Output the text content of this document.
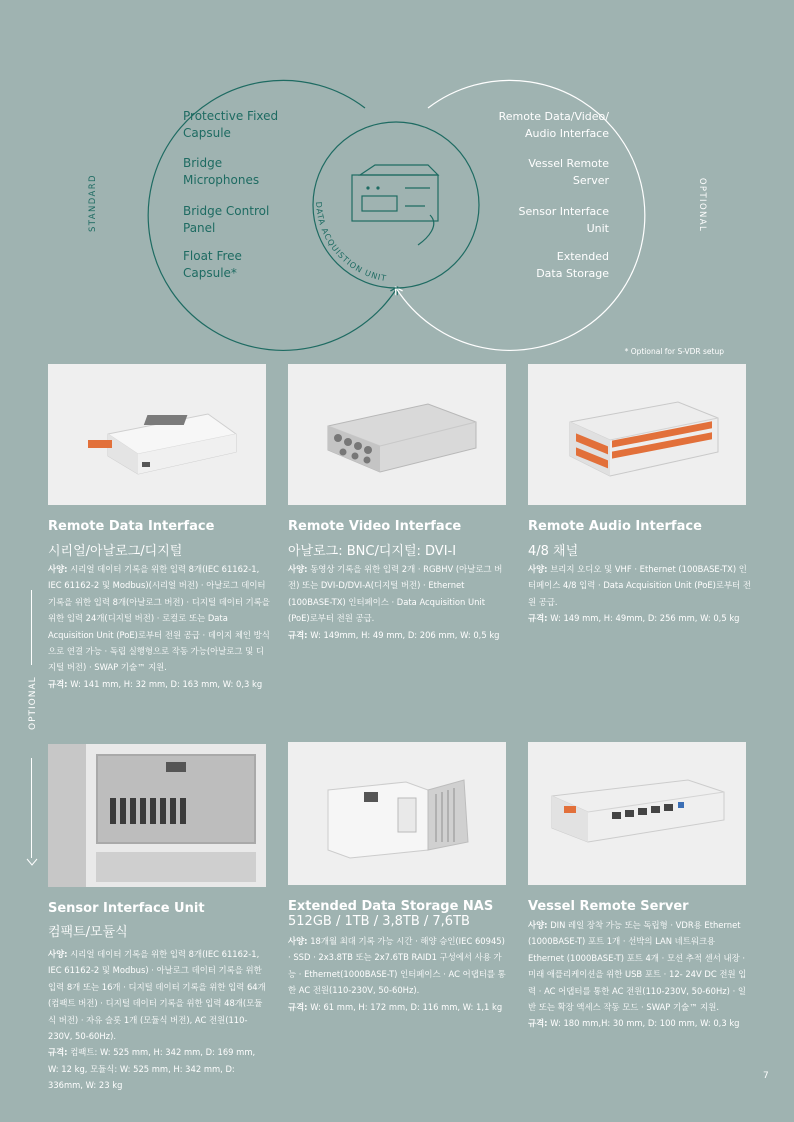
STANDARD	OPTIONAL
DATA ACQUISTION UNIT
* Optional for S-VDR setup
Protective Fixed
Capsule
Bridge
Microphones
Bridge Control
Panel
Float Free
Capsule*
Remote Data/Video/
Audio Interface
Vessel Remote
Server
Sensor Interface
Unit
Extended
Data Storage
OPTIONAL
Remote Data Interface
시리얼/아날로그/디지털

사양: 시리얼 데이터 기록을 위한 입력 8개(IEC 61162-1, IEC 61162-2 및 Modbus)(시리얼 버전) · 아날로그 데이터 기록을 위한 입력 8개(아날로그 버전) · 디지털 데이터 기록을 위한 입력 24개(디지털 버전) · 로컬로 또는 Data Acquisition Unit (PoE)로부터 전원 공급 · 데이지 체인 방식으로 연결 가능 · 독립 실행형으로 작동 가능(아날로그 및 디지털 버전) · SWAP 기술™ 지원.

규격: W: 141 mm, H: 32 mm, D: 163 mm, W: 0,3 kg

Remote Video Interface
아날로그: BNC/디지털: DVI-I

사양: 동영상 기록을 위한 입력 2개 · RGBHV (아날로그 버전) 또는 DVI-D/DVI-A(디지털 버전) · Ethernet (100BASE-TX) 인터페이스 · Data Acquisition Unit (PoE)로부터 전원 공급.

규격: W: 149mm, H: 49 mm, D: 206 mm, W: 0,5 kg

Remote Audio Interface
4/8 채널

사양: 브리지 오디오 및 VHF · Ethernet (100BASE-TX) 인터페이스 4/8 입력 · Data Acquisition Unit (PoE)로부터 전원 공급.

규격: W: 149 mm, H: 49mm, D: 256 mm, W: 0,5 kg

Sensor Interface Unit
컴팩트/모듈식

사양: 시리얼 데이터 기록을 위한 입력 8개(IEC 61162-1, IEC 61162-2 및 Modbus) · 아날로그 데이터 기록을 위한 입력 8개 또는 16개 · 디지털 데이터 기록을 위한 입력 64개(컴팩트 버전) · 디지털 데이터 기록을 위한 입력 48개(모듈식 버전) · 자유 슬롯 1개 (모듈식 버전), AC 전원(110-230V, 50-60Hz).

규격: 컴팩트: W: 525 mm, H: 342 mm, D: 169 mm, W: 12 kg, 모듈식: W: 525 mm, H: 342 mm, D: 336mm, W: 23 kg

Extended Data Storage NAS
512GB / 1TB / 3,8TB / 7,6TB

사양: 18개월 최대 기록 가능 시간 · 해양 승인(IEC 60945) · SSD · 2x3.8TB 또는 2x7.6TB RAID1 구성에서 사용 가능 · Ethernet(1000BASE-T) 인터페이스 · AC 어댑터를 통한 AC 전원(110-230V, 50-60Hz).

규격: W: 61 mm, H: 172 mm, D: 116 mm, W: 1,1 kg

Vessel Remote Server

사양: DIN 레일 장착 가능 또는 독립형 · VDR용 Ethernet (1000BASE-T) 포트 1개 · 선박의 LAN 네트워크용 Ethernet (1000BASE-T) 포트 4개 · 모션 추적 센서 내장 · 미래 애플리케이션을 위한 USB 포트 · 12- 24V DC 전원 입력 · AC 어댑터를 통한 AC 전원(110-230V, 50-60Hz) · 일반 또는 확장 액세스 작동 모드 · SWAP 기술™ 지원.

규격: W: 180 mm,H: 30 mm, D: 100 mm, W: 0,3 kg

7
